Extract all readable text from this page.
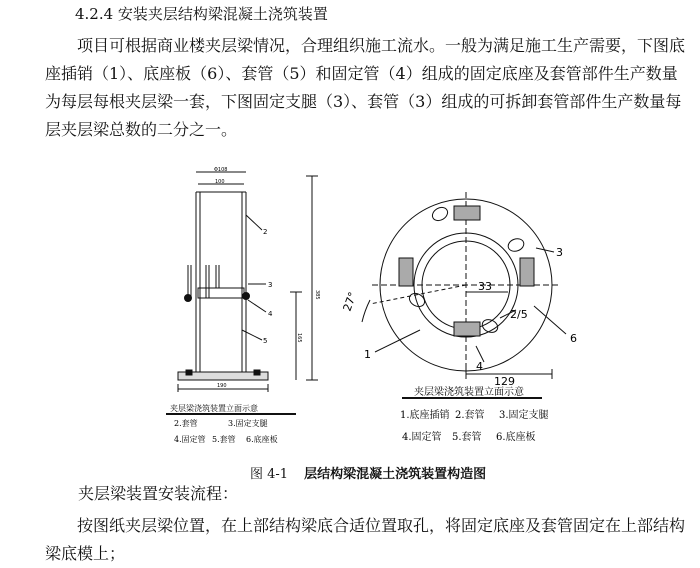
4.2.4 安装夹层结构梁混凝土浇筑装置
项目可根据商业楼夹层梁情况，合理组织施工流水。一般为满足施工生产需要，下图底座插销（1）、底座板（6）、套管（5）和固定管（4）组成的固定底座及套管部件生产数量为每层每根夹层梁一套，下图固定支腿（3）、套管（3）组成的可拆卸套管部件生产数量每层夹层梁总数的二分之一。
Φ108
100
385
165
190
2
3
4
5
夹层梁浇筑装置立面示意
2.套管	3.固定支腿
4.固定管 5.套管 6.底座板
33
27°
129
1
2/5
3
4
6
夹层梁浇筑装置立面示意
1.底座插销 2.套管 3.固定支腿
4.固定管 5.套管 6.底座板
图 4-1 层结构梁混凝土浇筑装置构造图
夹层梁装置安装流程：
按图纸夹层梁位置，在上部结构梁底合适位置取孔，将固定底座及套管固定在上部结构梁底模上；
